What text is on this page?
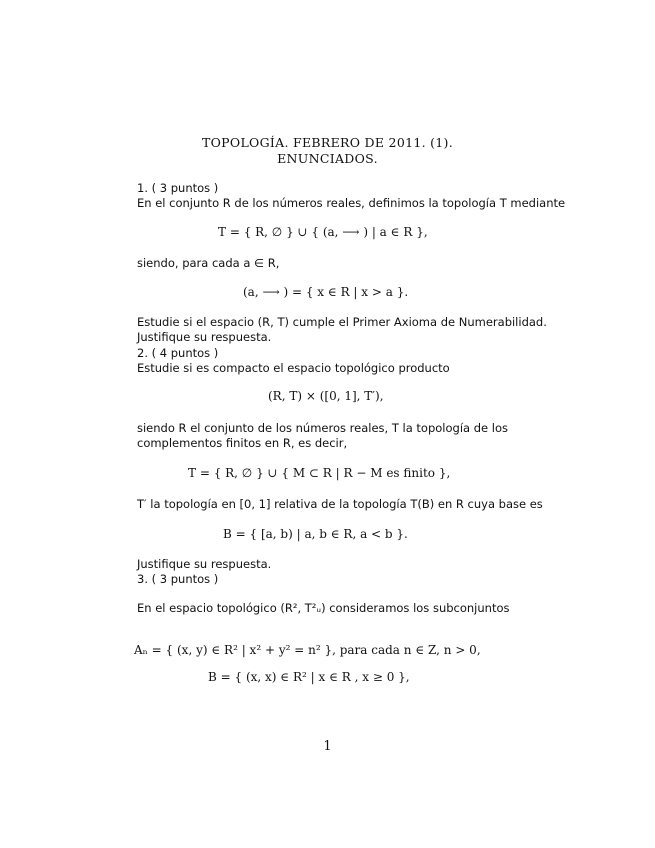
TOPOLOGÍA. FEBRERO DE 2011. (1).
ENUNCIADOS.
1. ( 3 puntos )
En el conjunto R de los números reales, definimos la topología T mediante
T = { R, ∅ } ∪ { (a, ⟶ ) | a ∈ R },
siendo, para cada a ∈ R,
(a, ⟶ ) = { x ∈ R | x > a }.
Estudie si el espacio (R, T) cumple el Primer Axioma de Numerabilidad.
Justifique su respuesta.
2. ( 4 puntos )
Estudie si es compacto el espacio topológico producto
(R, T) × ([0, 1], T′),
siendo R el conjunto de los números reales, T la topología de los
complementos finitos en R, es decir,
T = { R, ∅ } ∪ { M ⊂ R | R − M es finito },
T′ la topología en [0, 1] relativa de la topología T(B) en R cuya base es
B = { [a, b) | a, b ∈ R, a < b }.
Justifique su respuesta.
3. ( 3 puntos )
En el espacio topológico (R², T²ᵤ) consideramos los subconjuntos
Aₙ = { (x, y) ∈ R² | x² + y² = n² }, para cada n ∈ Z, n > 0,
B = { (x, x) ∈ R² | x ∈ R , x ≥ 0 },
1
